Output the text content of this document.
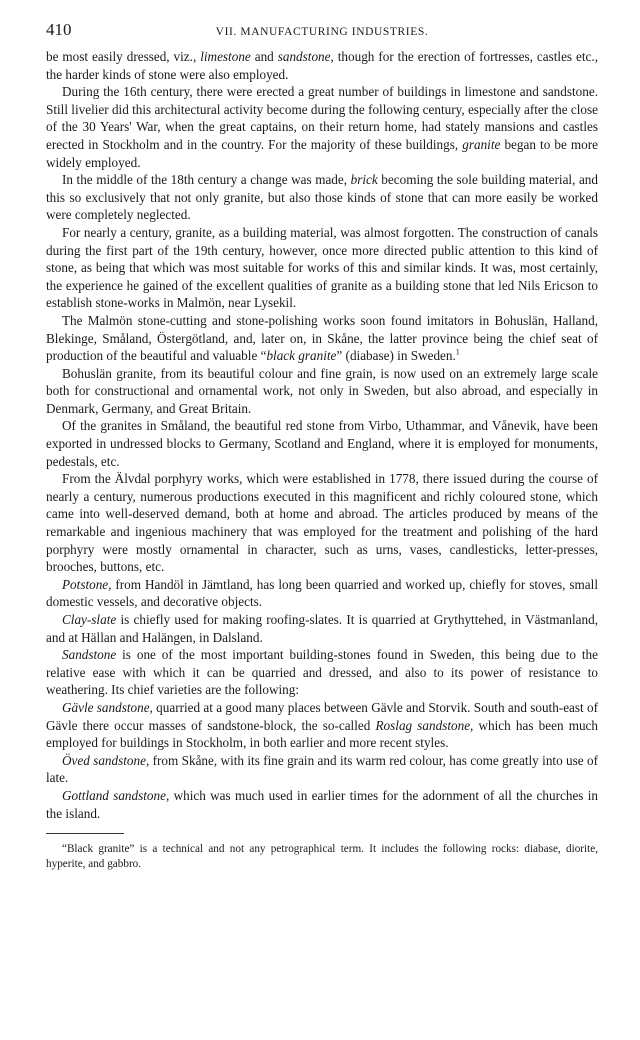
410	VII. MANUFACTURING INDUSTRIES.

be most easily dressed, viz., limestone and sandstone, though for the erection of fortresses, castles etc., the harder kinds of stone were also employed.

During the 16th century, there were erected a great number of buildings in limestone and sandstone. Still livelier did this architectural activity become during the following century, especially after the close of the 30 Years' War, when the great captains, on their return home, had stately mansions and castles erected in Stockholm and in the country. For the majority of these buildings, granite began to be more widely employed.

In the middle of the 18th century a change was made, brick becoming the sole building material, and this so exclusively that not only granite, but also those kinds of stone that can more easily be worked were completely neglected.

For nearly a century, granite, as a building material, was almost forgotten. The construction of canals during the first part of the 19th century, however, once more directed public attention to this kind of stone, as being that which was most suitable for works of this and similar kinds. It was, most certainly, the experience he gained of the excellent qualities of granite as a building stone that led Nils Ericson to establish stone-works in Malmön, near Lysekil.

The Malmön stone-cutting and stone-polishing works soon found imitators in Bohuslän, Halland, Blekinge, Småland, Östergötland, and, later on, in Skåne, the latter province being the chief seat of production of the beautiful and valuable “black granite” (diabase) in Sweden.$^1$

Bohuslän granite, from its beautiful colour and fine grain, is now used on an extremely large scale both for constructional and ornamental work, not only in Sweden, but also abroad, and especially in Denmark, Germany, and Great Britain.

Of the granites in Småland, the beautiful red stone from Virbo, Uthammar, and Vånevik, have been exported in undressed blocks to Germany, Scotland and England, where it is employed for monuments, pedestals, etc.

From the Älvdal porphyry works, which were established in 1778, there issued during the course of nearly a century, numerous productions executed in this magnificent and richly coloured stone, which came into well-deserved demand, both at home and abroad. The articles produced by means of the remarkable and ingenious machinery that was employed for the treatment and polishing of the hard porphyry were mostly ornamental in character, such as urns, vases, candlesticks, letter-presses, brooches, buttons, etc.

Potstone, from Handöl in Jämtland, has long been quarried and worked up, chiefly for stoves, small domestic vessels, and decorative objects.

Clay-slate is chiefly used for making roofing-slates. It is quarried at Grythyttehed, in Västmanland, and at Hällan and Halängen, in Dalsland.

Sandstone is one of the most important building-stones found in Sweden, this being due to the relative ease with which it can be quarried and dressed, and also to its power of resistance to weathering. Its chief varieties are the following:

Gävle sandstone, quarried at a good many places between Gävle and Storvik. South and south-east of Gävle there occur masses of sandstone-block, the so-called Roslag sandstone, which has been much employed for buildings in Stockholm, in both earlier and more recent styles.

Öved sandstone, from Skåne, with its fine grain and its warm red colour, has come greatly into use of late.

Gottland sandstone, which was much used in earlier times for the adornment of all the churches in the island.

“Black granite” is a technical and not any petrographical term. It includes the following rocks: diabase, diorite, hyperite, and gabbro.
